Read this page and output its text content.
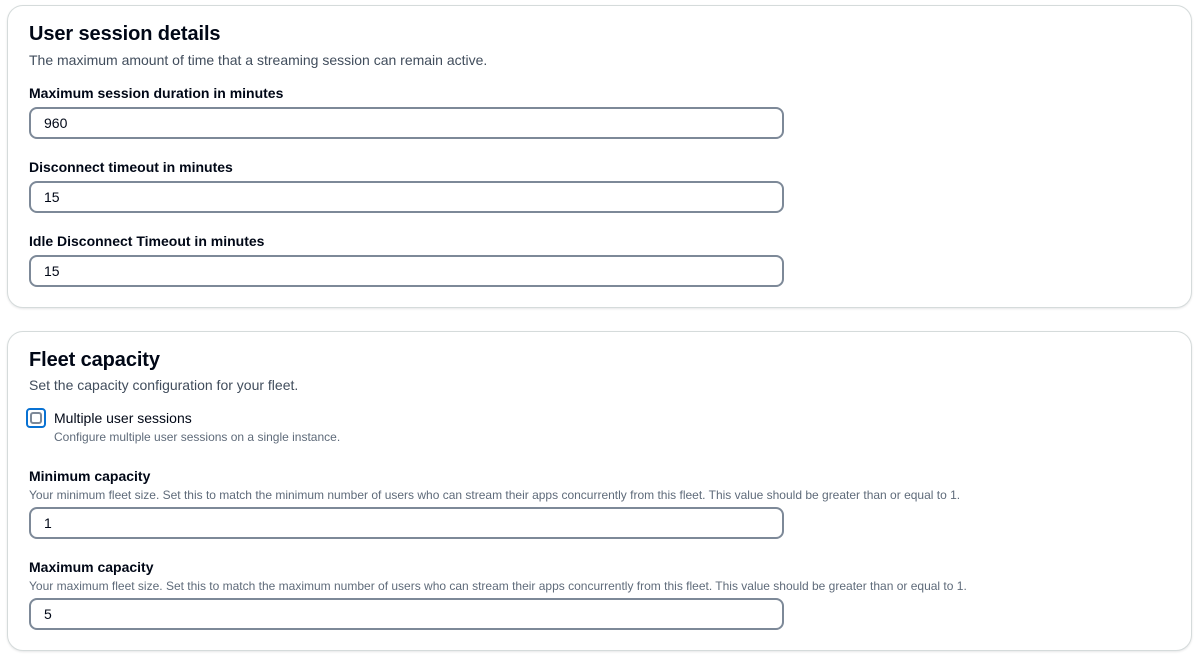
User session details
The maximum amount of time that a streaming session can remain active.
Maximum session duration in minutes
960
Disconnect timeout in minutes
15
Idle Disconnect Timeout in minutes
15
Fleet capacity
Set the capacity configuration for your fleet.
Multiple user sessions
Configure multiple user sessions on a single instance.
Minimum capacity
Your minimum fleet size. Set this to match the minimum number of users who can stream their apps concurrently from this fleet. This value should be greater than or equal to 1.
1
Maximum capacity
Your maximum fleet size. Set this to match the maximum number of users who can stream their apps concurrently from this fleet. This value should be greater than or equal to 1.
5
